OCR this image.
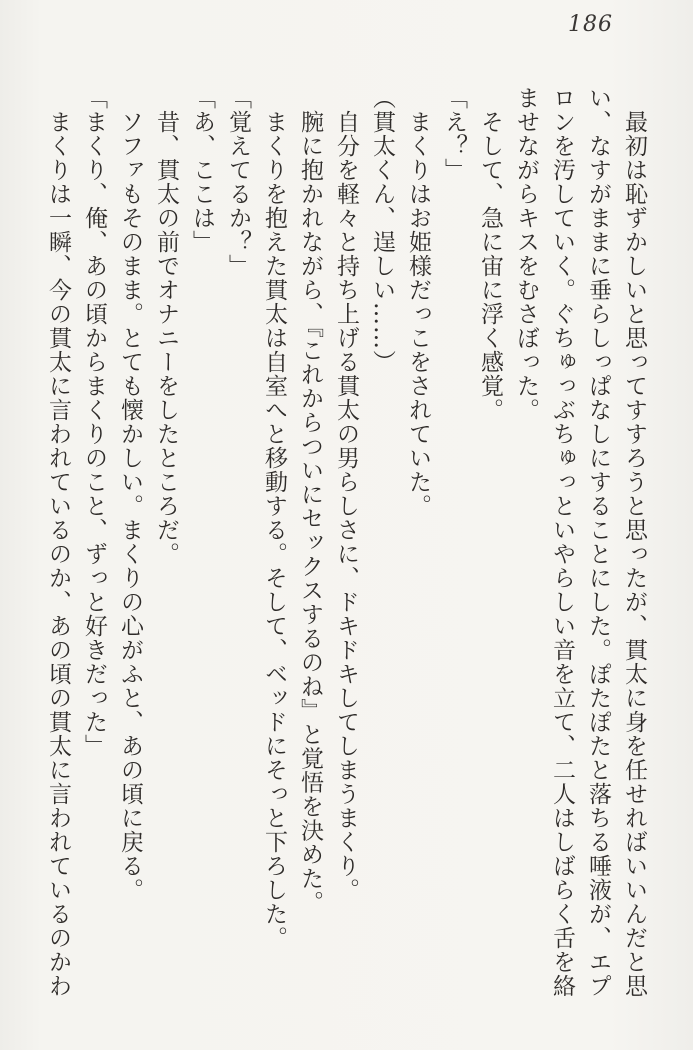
186

最初は恥ずかしいと思ってすすろうと思ったが、貫太に身を任せればいいんだと思

い、なすがままに垂らしっぱなしにすることにした。ぽたぽたと落ちる唾液が、エプ

ロンを汚していく。ぐちゅっぶちゅっといやらしい音を立て、二人はしばらく舌を絡

ませながらキスをむさぼった。

そして、急に宙に浮く感覚。

「え？」

まくりはお姫様だっこをされていた。

（貫太くん、逞しい……）

自分を軽々と持ち上げる貫太の男らしさに、ドキドキしてしまうまくり。

腕に抱かれながら、『これからついにセックスするのね』と覚悟を決めた。

まくりを抱えた貫太は自室へと移動する。そして、ベッドにそっと下ろした。

「覚えてるか？」

「あ、ここは」

昔、貫太の前でオナニーをしたところだ。

ソファもそのまま。とても懐かしい。まくりの心がふと、あの頃に戻る。

「まくり、俺、あの頃からまくりのこと、ずっと好きだった」

まくりは一瞬、今の貫太に言われているのか、あの頃の貫太に言われているのかわ
